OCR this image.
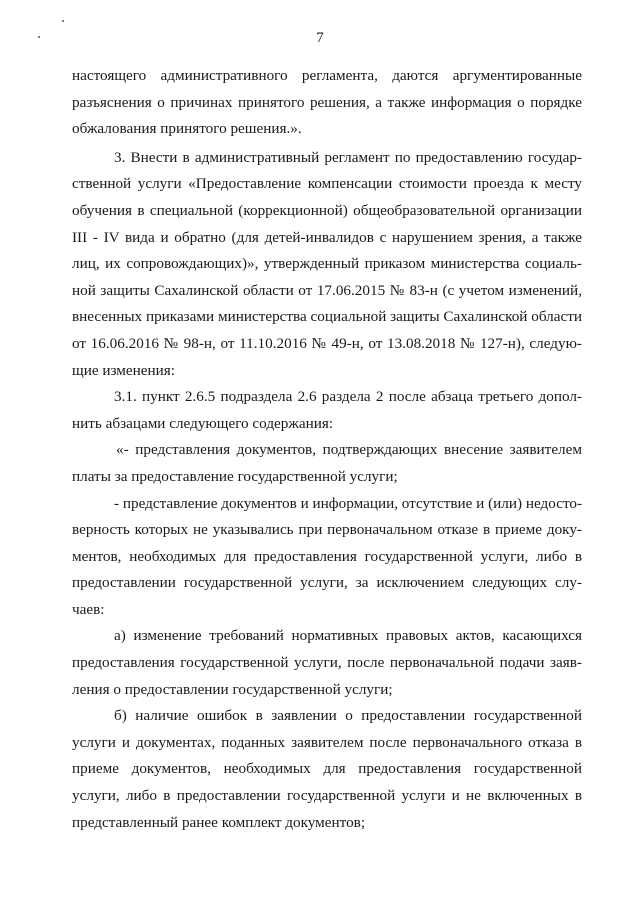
7
настоящего административного регламента, даются аргументированные
разъяснения о причинах принятого решения, а также информация о порядке
обжалования принятого решения.».
3. Внести в административный регламент по предоставлению государ-
ственной услуги «Предоставление компенсации стоимости проезда к месту
обучения в специальной (коррекционной) общеобразовательной организации
III - IV вида и обратно (для детей-инвалидов с нарушением зрения, а также
лиц, их сопровождающих)», утвержденный приказом министерства социаль-
ной защиты Сахалинской области от 17.06.2015 № 83-н (с учетом изменений,
внесенных приказами министерства социальной защиты Сахалинской области
от 16.06.2016 № 98-н, от 11.10.2016 № 49-н, от 13.08.2018 № 127-н), следую-
щие изменения:
3.1. пункт 2.6.5 подраздела 2.6 раздела 2 после абзаца третьего допол-
нить абзацами следующего содержания:
«- представления документов, подтверждающих внесение заявителем
платы за предоставление государственной услуги;
- представление документов и информации, отсутствие и (или) недосто-
верность которых не указывались при первоначальном отказе в приеме доку-
ментов, необходимых для предоставления государственной услуги, либо в
предоставлении государственной услуги, за исключением следующих слу-
чаев:
а) изменение требований нормативных правовых актов, касающихся
предоставления государственной услуги, после первоначальной подачи заяв-
ления о предоставлении государственной услуги;
б) наличие ошибок в заявлении о предоставлении государственной
услуги и документах, поданных заявителем после первоначального отказа в
приеме документов, необходимых для предоставления государственной
услуги, либо в предоставлении государственной услуги и не включенных в
представленный ранее комплект документов;
